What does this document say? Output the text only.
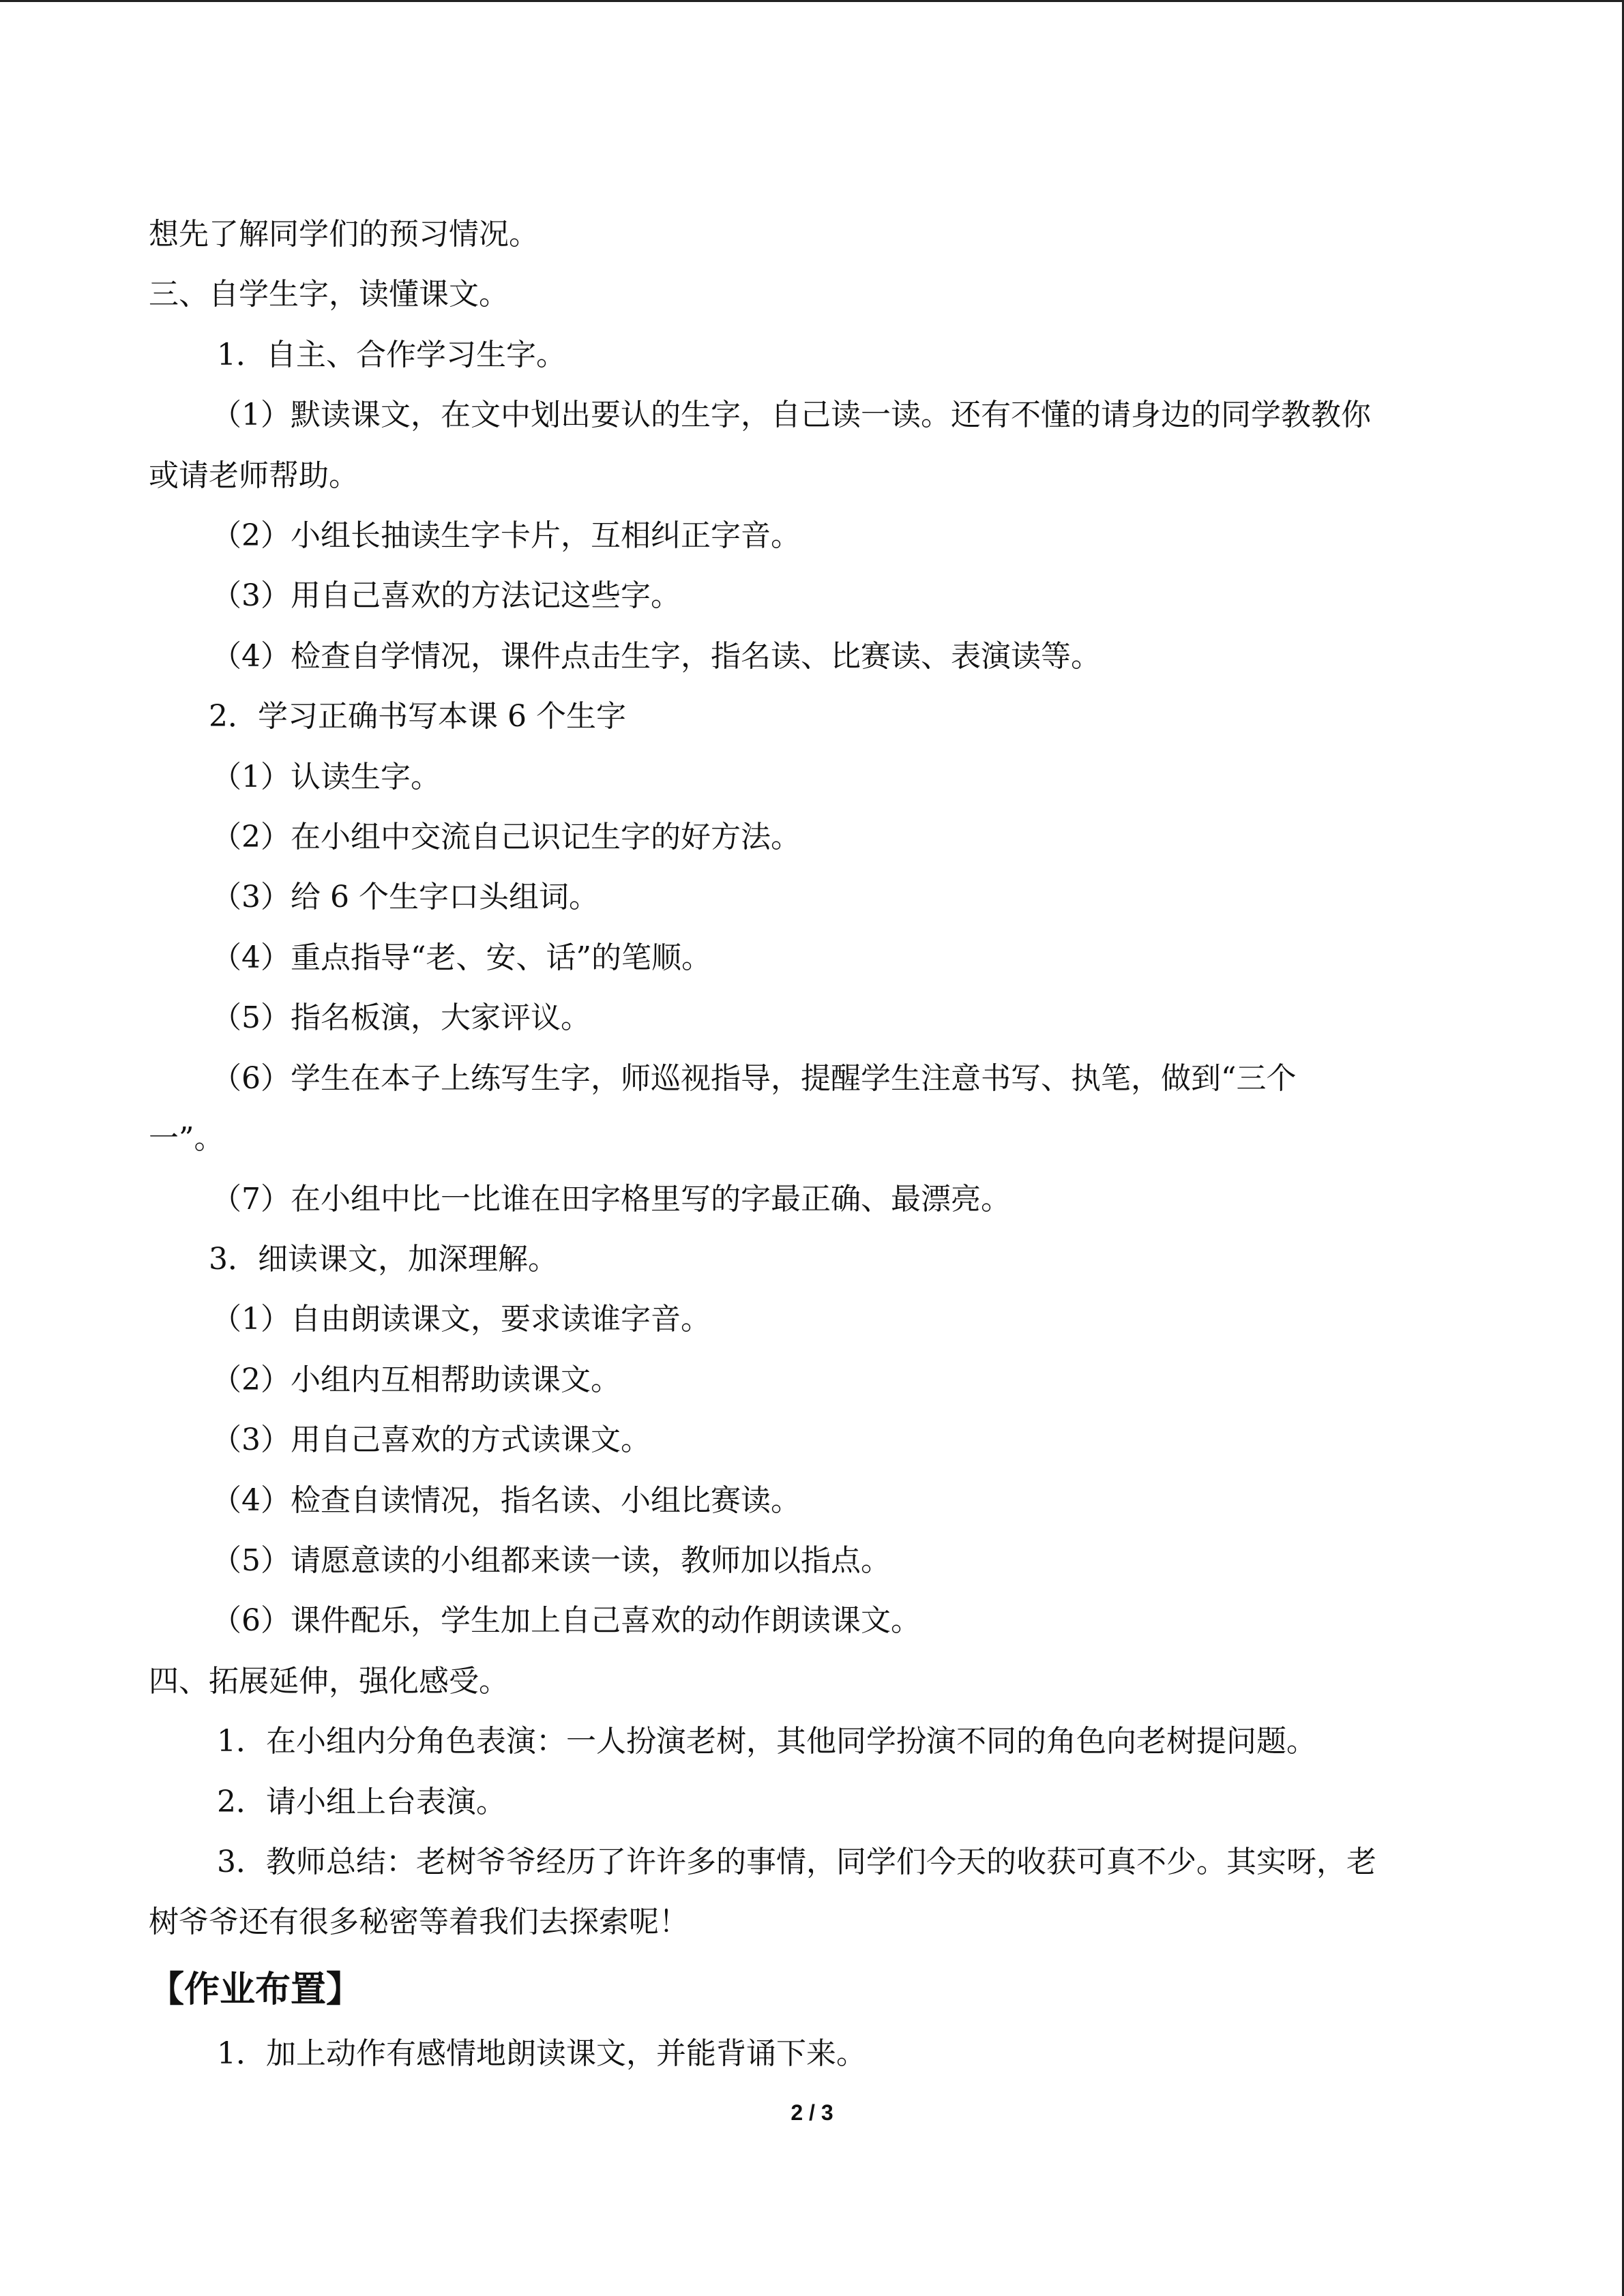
想先了解同学们的预习情况。

三、自学生字，读懂课文。

1．自主、合作学习生字。

（1）默读课文，在文中划出要认的生字，自己读一读。还有不懂的请身边的同学教教你

或请老师帮助。

（2）小组长抽读生字卡片，互相纠正字音。

（3）用自己喜欢的方法记这些字。

（4）检查自学情况，课件点击生字，指名读、比赛读、表演读等。

2．学习正确书写本课 6 个生字

（1）认读生字。

（2）在小组中交流自己识记生字的好方法。

（3）给 6 个生字口头组词。

（4）重点指导“老、安、话”的笔顺。

（5）指名板演，大家评议。

（6）学生在本子上练写生字，师巡视指导，提醒学生注意书写、执笔，做到“三个

一”。

（7）在小组中比一比谁在田字格里写的字最正确、最漂亮。

3．细读课文，加深理解。

（1）自由朗读课文，要求读谁字音。

（2）小组内互相帮助读课文。

（3）用自己喜欢的方式读课文。

（4）检查自读情况，指名读、小组比赛读。

（5）请愿意读的小组都来读一读，教师加以指点。

（6）课件配乐，学生加上自己喜欢的动作朗读课文。

四、拓展延伸，强化感受。

1．在小组内分角色表演：一人扮演老树，其他同学扮演不同的角色向老树提问题。

2．请小组上台表演。

3．教师总结：老树爷爷经历了许许多的事情，同学们今天的收获可真不少。其实呀，老

树爷爷还有很多秘密等着我们去探索呢！

【作业布置】

1．加上动作有感情地朗读课文，并能背诵下来。

2 / 3
